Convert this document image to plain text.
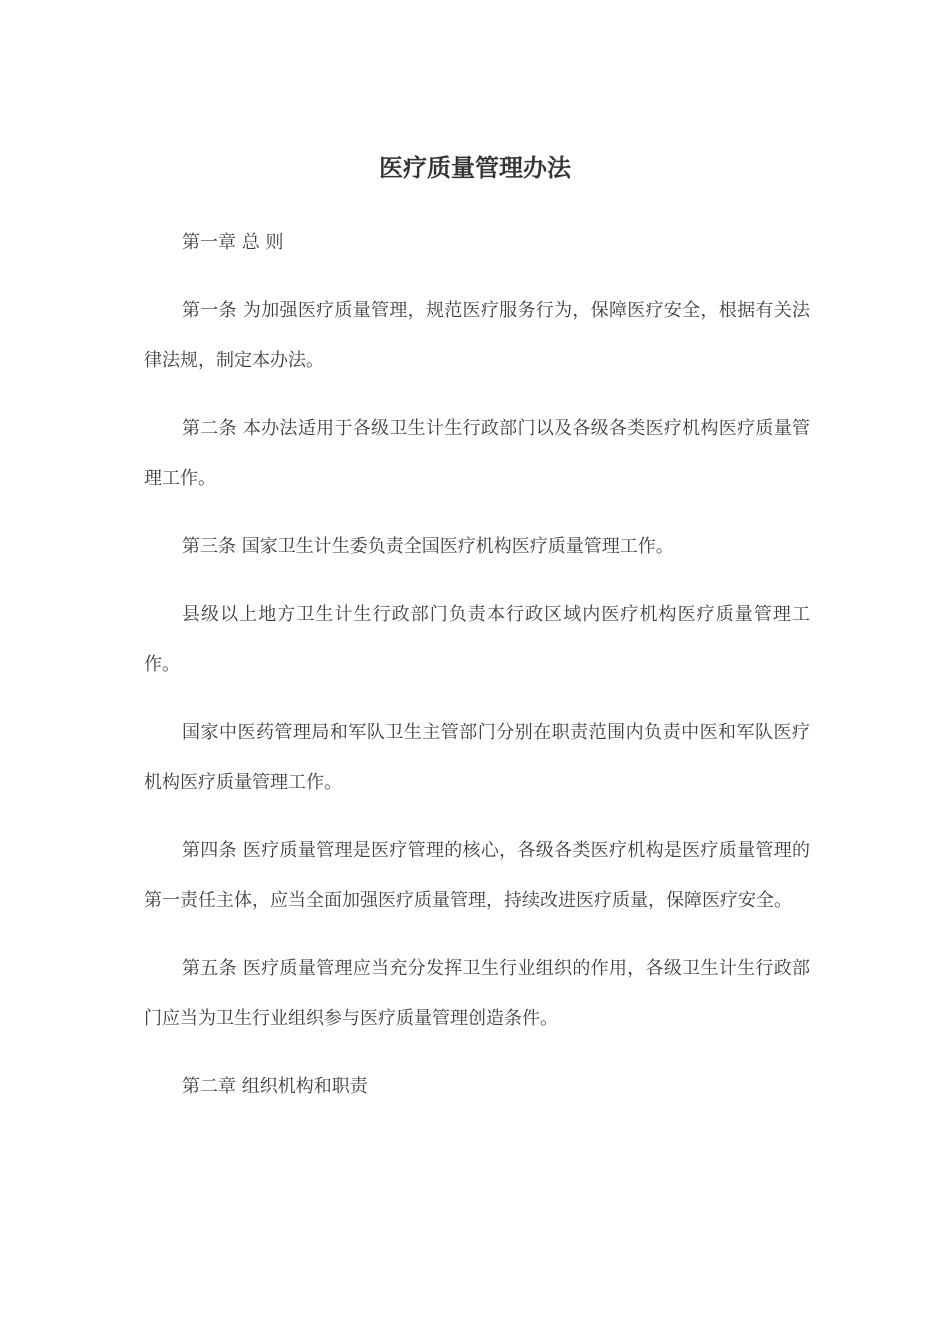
医疗质量管理办法

第一章 总 则

第一条 为加强医疗质量管理，规范医疗服务行为，保障医疗安全，根据有关法律法规，制定本办法。

第二条 本办法适用于各级卫生计生行政部门以及各级各类医疗机构医疗质量管理工作。

第三条 国家卫生计生委负责全国医疗机构医疗质量管理工作。

县级以上地方卫生计生行政部门负责本行政区域内医疗机构医疗质量管理工作。

国家中医药管理局和军队卫生主管部门分别在职责范围内负责中医和军队医疗机构医疗质量管理工作。

第四条 医疗质量管理是医疗管理的核心，各级各类医疗机构是医疗质量管理的第一责任主体，应当全面加强医疗质量管理，持续改进医疗质量，保障医疗安全。

第五条 医疗质量管理应当充分发挥卫生行业组织的作用，各级卫生计生行政部门应当为卫生行业组织参与医疗质量管理创造条件。

第二章 组织机构和职责
